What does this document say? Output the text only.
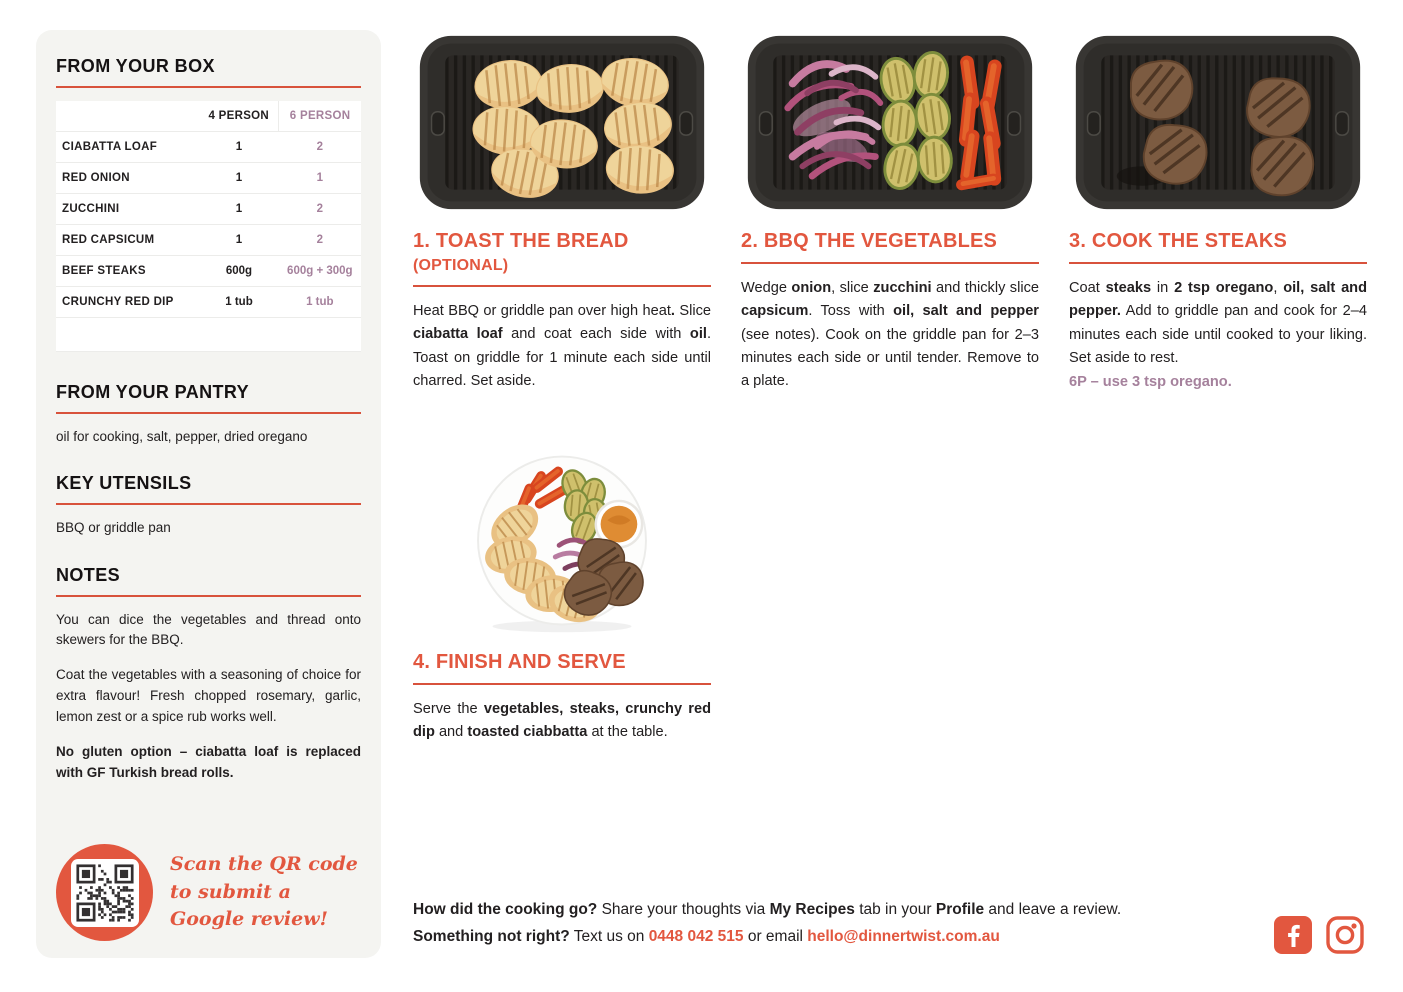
FROM YOUR BOX
	4 PERSON	6 PERSON
CIABATTA LOAF	1	2
RED ONION	1	1
ZUCCHINI	1	2
RED CAPSICUM	1	2
BEEF STEAKS	600g	600g + 300g
CRUNCHY RED DIP	1 tub	1 tub

FROM YOUR PANTRY

oil for cooking, salt, pepper, dried oregano

KEY UTENSILS

BBQ or griddle pan

NOTES

You can dice the vegetables and thread onto skewers for the BBQ.

Coat the vegetables with a seasoning of choice for extra flavour! Fresh chopped rosemary, garlic, lemon zest or a spice rub works well.

No gluten option – ciabatta loaf is replaced with GF Turkish bread rolls.

Scan the QR code to submit a Google review!
1. TOAST THE BREAD (OPTIONAL)

Heat BBQ or griddle pan over high heat. Slice ciabatta loaf and coat each side with oil. Toast on griddle for 1 minute each side until charred. Set aside.

2. BBQ THE VEGETABLES

Wedge onion, slice zucchini and thickly slice capsicum. Toss with oil, salt and pepper (see notes). Cook on the griddle pan for 2–3 minutes each side or until tender. Remove to a plate.

3. COOK THE STEAKS

Coat steaks in 2 tsp oregano, oil, salt and pepper. Add to griddle pan and cook for 2–4 minutes each side until cooked to your liking. Set aside to rest.

6P – use 3 tsp oregano.

4. FINISH AND SERVE

Serve the vegetables, steaks, crunchy red dip and toasted ciabbatta at the table.

How did the cooking go? Share your thoughts via My Recipes tab in your Profile and leave a review.

Something not right? Text us on 0448 042 515 or email hello@dinnertwist.com.au
